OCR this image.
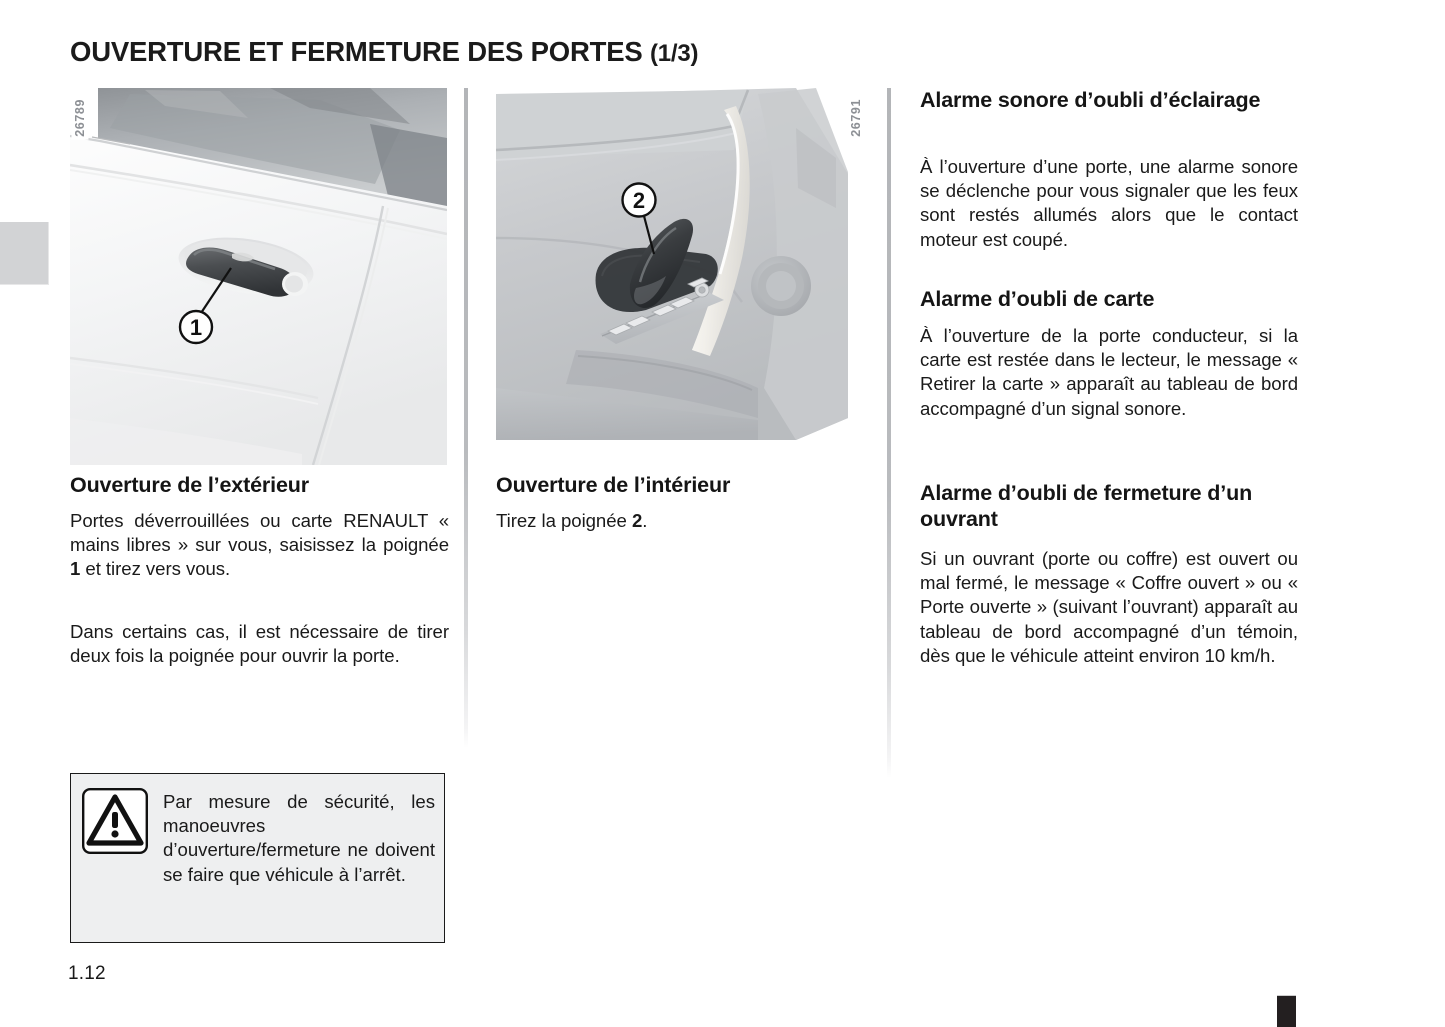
OUVERTURE ET FERMETURE DES PORTES (1/3)
1
26789
2
26791
Ouverture de l’extérieur

Portes déverrouillées ou carte RENAULT « mains libres » sur vous, saisissez la poignée 1 et tirez vers vous.

Dans certains cas, il est nécessaire de tirer deux fois la poignée pour ouvrir la porte.

Ouverture de l’intérieur

Tirez la poignée 2.

Alarme sonore d’oubli d’éclairage

À l’ouverture d’une porte, une alarme sonore se déclenche pour vous signaler que les feux sont restés allumés alors que le contact moteur est coupé.

Alarme d’oubli de carte

À l’ouverture de la porte conducteur, si la carte est restée dans le lecteur, le message « Retirer la carte » apparaît au tableau de bord accompagné d’un signal sonore.

Alarme d’oubli de fermeture d’un ouvrant

Si un ouvrant (porte ou coffre) est ouvert ou mal fermé, le message « Coffre ouvert » ou « Porte ouverte » (suivant l’ouvrant) apparaît au tableau de bord accompagné d’un témoin, dès que le véhicule atteint environ 10 km/h.

Par mesure de sécurité, les manoeuvres d’ouverture/fermeture ne doivent se faire que véhicule à l’arrêt.
1.12
